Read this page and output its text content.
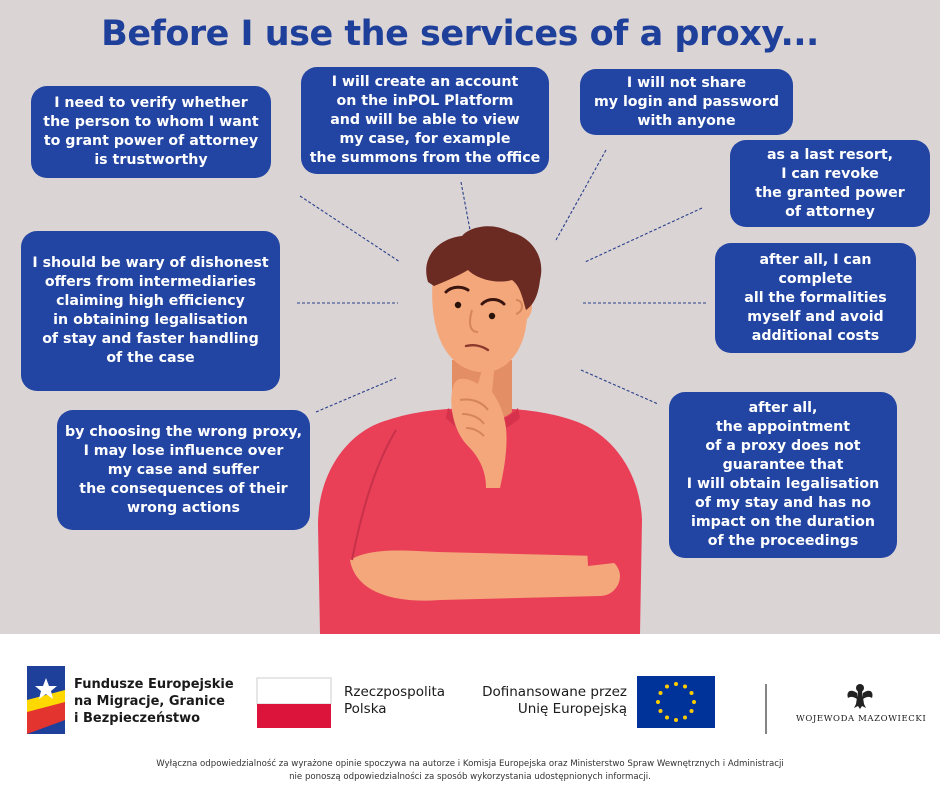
Before I use the services of a proxy...
I need to verify whether
the person to whom I want
to grant power of attorney
is trustworthy
I will create an account
on the inPOL Platform
and will be able to view
my case, for example
the summons from the office
I will not share
my login and password
with anyone
as a last resort,
I can revoke
the granted power
of attorney
I should be wary of dishonest
offers from intermediaries
claiming high efficiency
in obtaining legalisation
of stay and faster handling
of the case
after all, I can complete
all the formalities
myself and avoid
additional costs
by choosing the wrong proxy,
I may lose influence over
my case and suffer
the consequences of their
wrong actions
after all,
the appointment
of a proxy does not
guarantee that
I will obtain legalisation
of my stay and has no
impact on the duration
of the proceedings
Fundusze Europejskie
na Migracje, Granice
i Bezpieczeństwo
Rzeczpospolita
Polska
Dofinansowane przez
Unię Europejską
WOJEWODA MAZOWIECKI
Wyłączna odpowiedzialność za wyrażone opinie spoczywa na autorze i Komisja Europejska oraz Ministerstwo Spraw Wewnętrznych i Administracji
nie ponoszą odpowiedzialności za sposób wykorzystania udostępnionych informacji.
